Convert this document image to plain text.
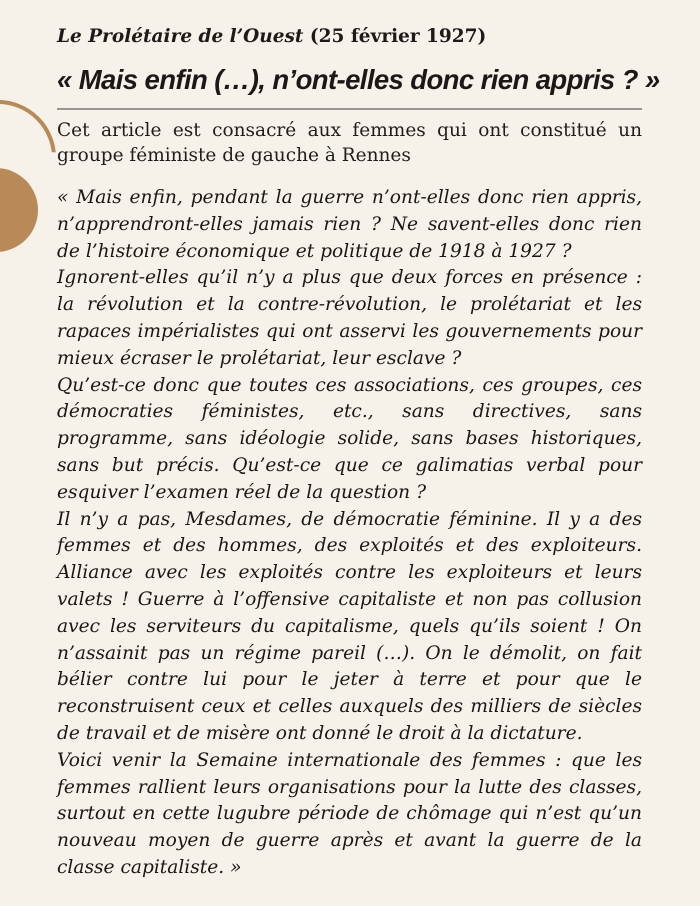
Le Prolétaire de l’Ouest (25 février 1927)
« Mais enfin (…), n’ont-elles donc rien appris ? »
Cet article est consacré aux femmes qui ont constitué un groupe féministe de gauche à Rennes

« Mais enfin, pendant la guerre n’ont-elles donc rien appris, n’apprendront-elles jamais rien ? Ne savent-elles donc rien de l’histoire économique et politique de 1918 à 1927 ?

Ignorent-elles qu’il n’y a plus que deux forces en présence : la révolution et la contre-révolution, le prolétariat et les rapaces impérialistes qui ont asservi les gouvernements pour mieux écraser le prolétariat, leur esclave ?

Qu’est-ce donc que toutes ces associations, ces groupes, ces démocraties féministes, etc., sans directives, sans programme, sans idéologie solide, sans bases historiques, sans but précis. Qu’est-ce que ce galimatias verbal pour esquiver l’examen réel de la question ?

Il n’y a pas, Mesdames, de démocratie féminine. Il y a des femmes et des hommes, des exploités et des exploiteurs. Alliance avec les exploités contre les exploiteurs et leurs valets ! Guerre à l’offensive capitaliste et non pas collusion avec les serviteurs du capitalisme, quels qu’ils soient ! On n’assainit pas un régime pareil (…). On le démolit, on fait bélier contre lui pour le jeter à terre et pour que le reconstruisent ceux et celles auxquels des milliers de siècles de travail et de misère ont donné le droit à la dictature.

Voici venir la Semaine internationale des femmes : que les femmes rallient leurs organisations pour la lutte des classes, surtout en cette lugubre période de chômage qui n’est qu’un nouveau moyen de guerre après et avant la guerre de la classe capitaliste. »
